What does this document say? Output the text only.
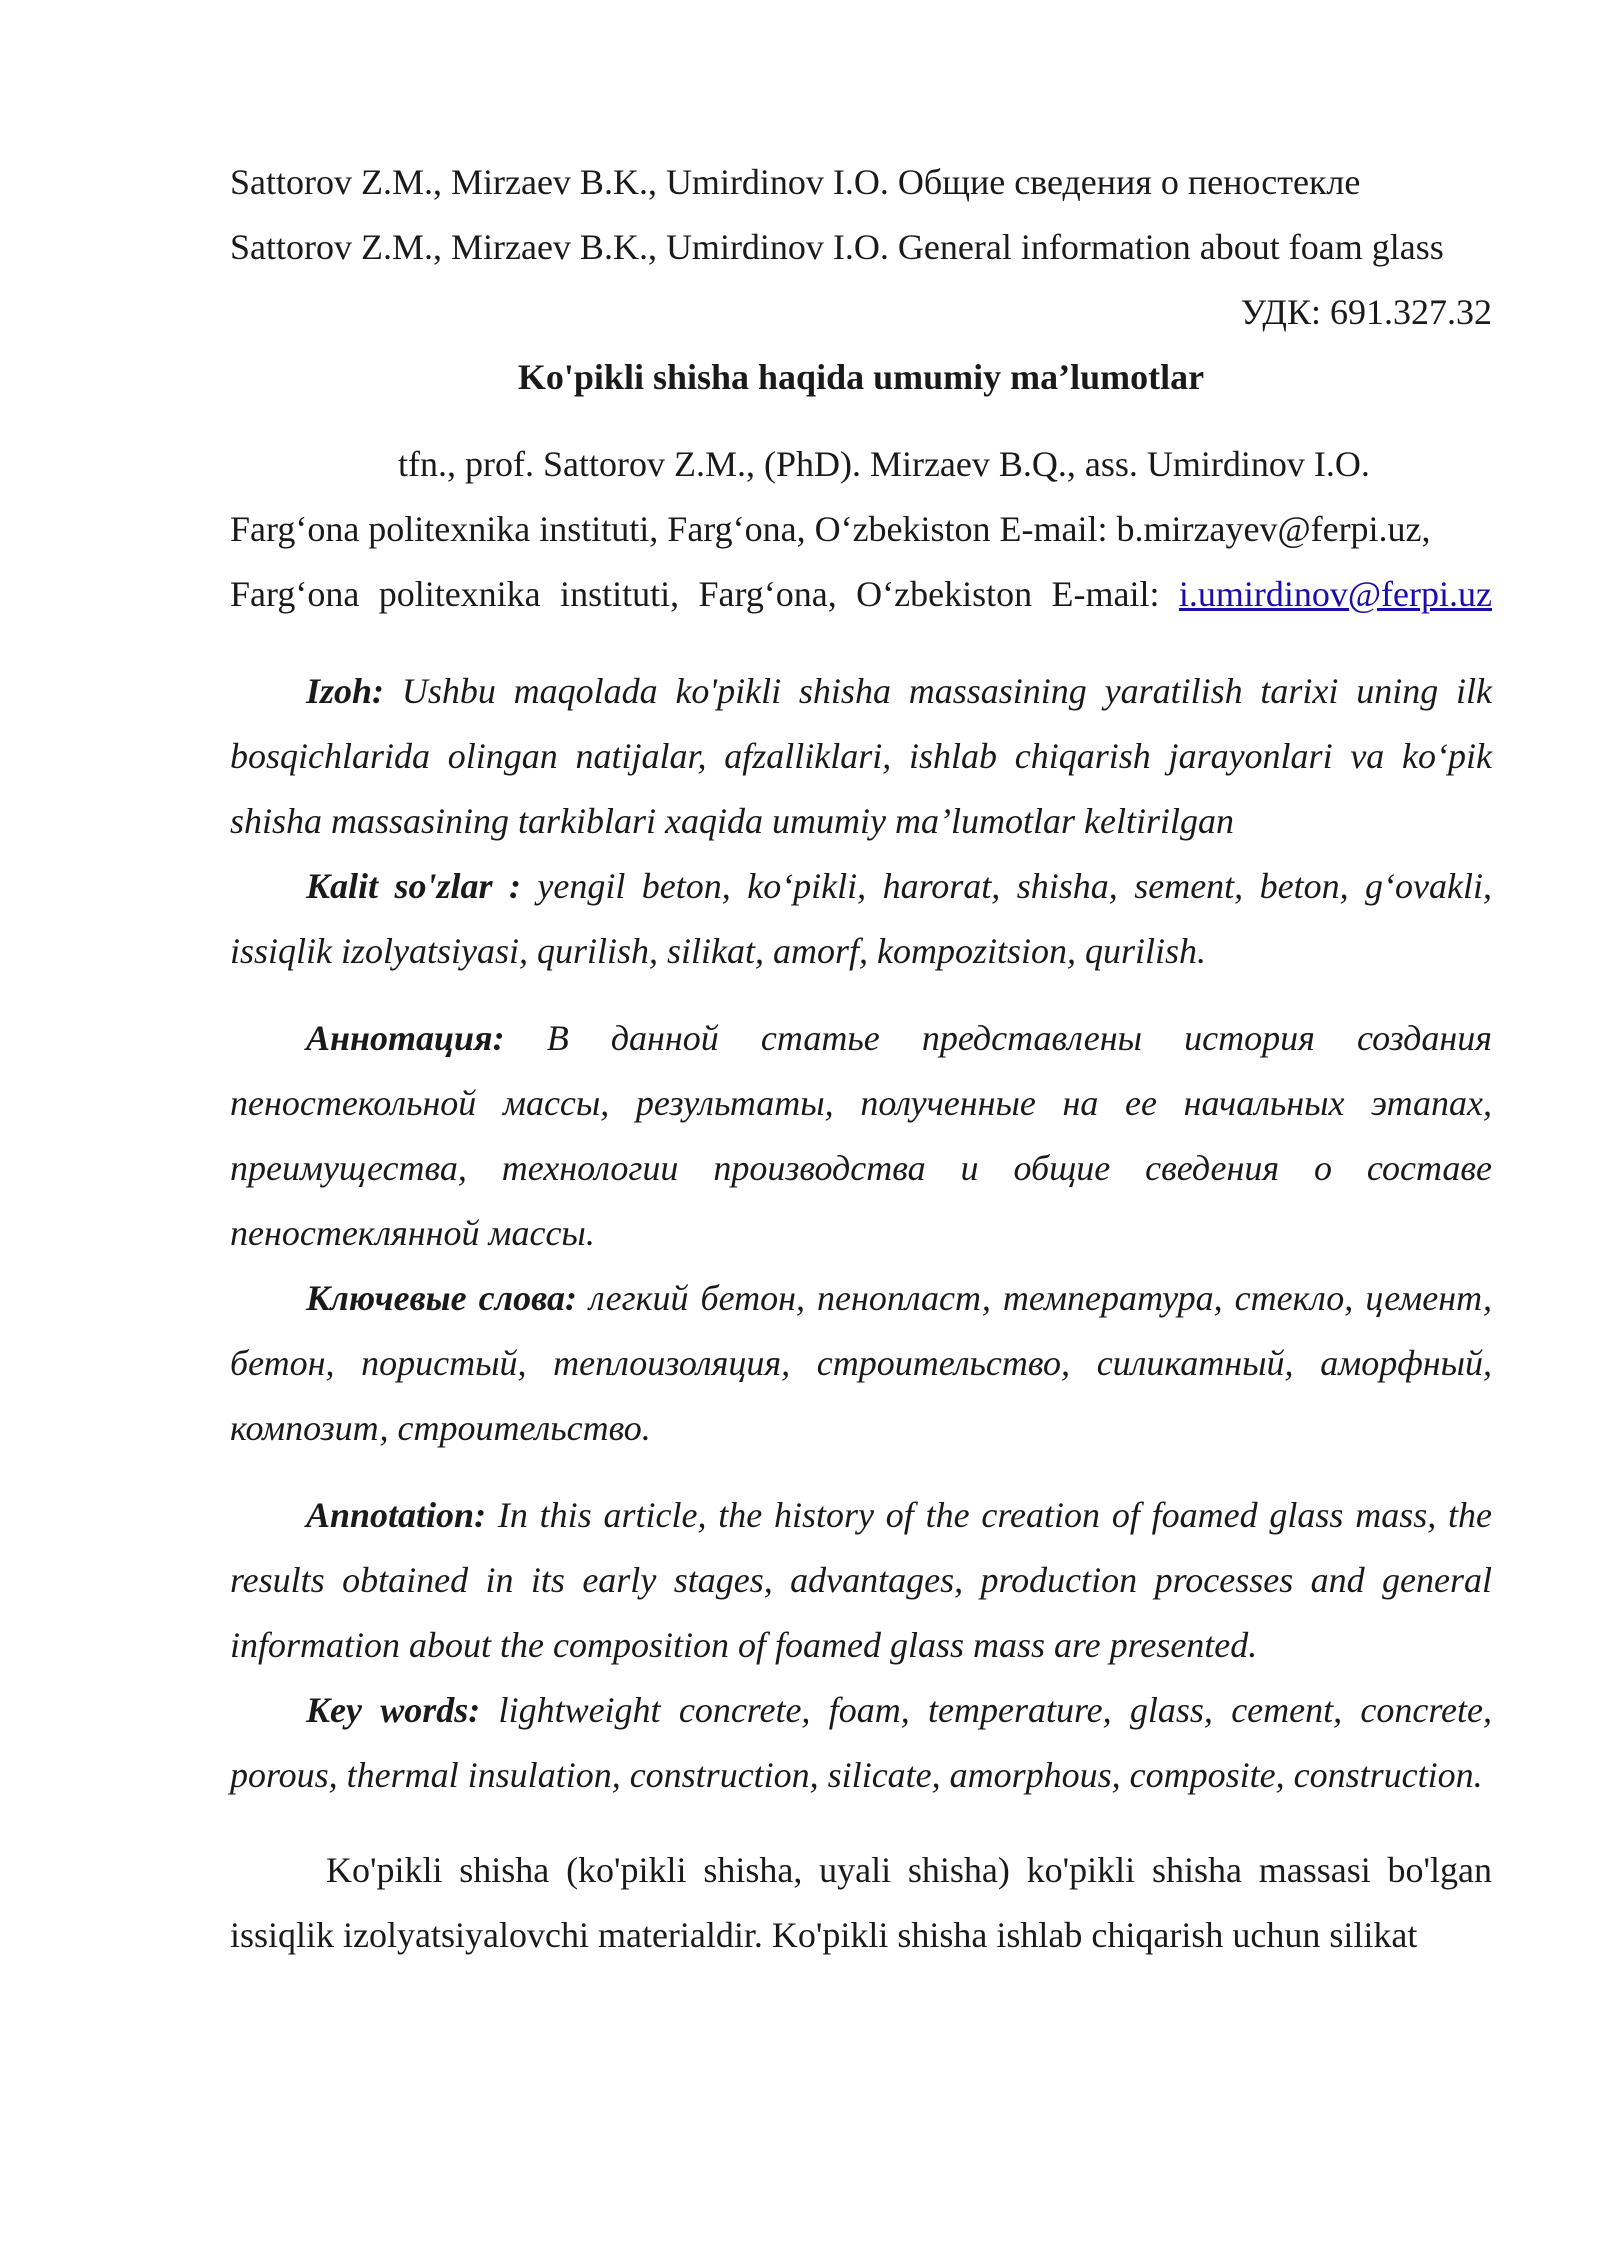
Sattorov Z.M., Mirzaev B.K., Umirdinov I.O. Общие сведения о пеностекле

Sattorov Z.M., Mirzaev B.K., Umirdinov I.O. General information about foam glass

УДК: 691.327.32

Ko'pikli shisha haqida umumiy ma’lumotlar

tfn., prof. Sattorov Z.M., (PhD). Mirzaev B.Q., ass. Umirdinov I.O.

Farg‘ona politexnika instituti, Farg‘ona, O‘zbekiston E-mail: b.mirzayev@ferpi.uz,

Farg‘ona politexnika instituti, Farg‘ona, O‘zbekiston E-mail: i.umirdinov@ferpi.uz

Izoh: Ushbu maqolada ko'pikli shisha massasining yaratilish tarixi uning ilk bosqichlarida olingan natijalar, afzalliklari, ishlab chiqarish jarayonlari va ko‘pik shisha massasining tarkiblari xaqida umumiy ma’lumotlar keltirilgan

Kalit so'zlar : yengil beton, ko‘pikli, harorat, shisha, sement, beton, g‘ovakli, issiqlik izolyatsiyasi, qurilish, silikat, amorf, kompozitsion, qurilish.

Аннотация: В данной статье представлены история создания пеностекольной массы, результаты, полученные на ее начальных этапах, преимущества, технологии производства и общие сведения о составе пеностеклянной массы.

Ключевые слова: легкий бетон, пенопласт, температура, стекло, цемент, бетон, пористый, теплоизоляция, строительство, силикатный, аморфный, композит, строительство.

Annotation: In this article, the history of the creation of foamed glass mass, the results obtained in its early stages, advantages, production processes and general information about the composition of foamed glass mass are presented.

Key words: lightweight concrete, foam, temperature, glass, cement, concrete, porous, thermal insulation, construction, silicate, amorphous, composite, construction.

Ko'pikli shisha (ko'pikli shisha, uyali shisha) ko'pikli shisha massasi bo'lgan issiqlik izolyatsiyalovchi materialdir. Ko'pikli shisha ishlab chiqarish uchun silikat
